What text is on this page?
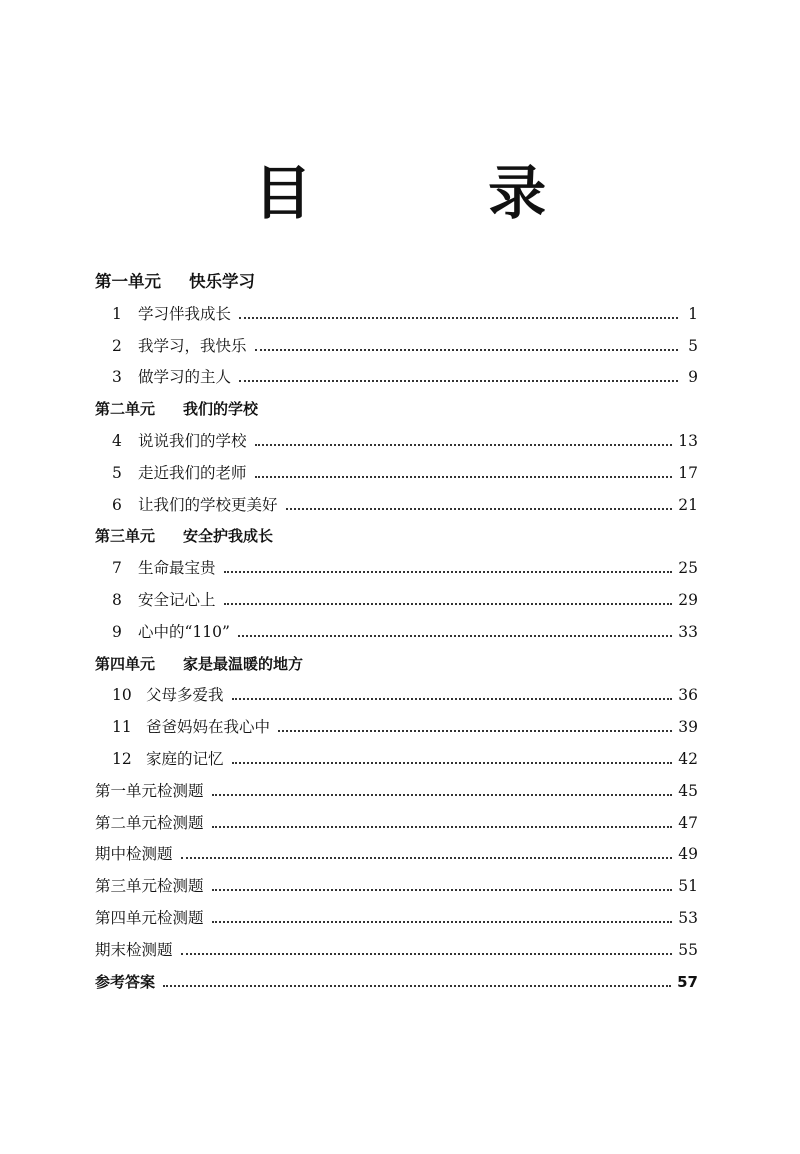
目 录
第一单元 快乐学习
1	学习伴我成长	1
2	我学习，我快乐	5
3	做学习的主人	9
第二单元 我们的学校
4	说说我们的学校	13
5	走近我们的老师	17
6	让我们的学校更美好	21
第三单元 安全护我成长
7	生命最宝贵	25
8	安全记心上	29
9	心中的“110”	33
第四单元 家是最温暖的地方
10 父母多爱我	36
11 爸爸妈妈在我心中	39
12 家庭的记忆	42
第一单元检测题	45
第二单元检测题	47
期中检测题	49
第三单元检测题	51
第四单元检测题	53
期末检测题	55
参考答案	57
